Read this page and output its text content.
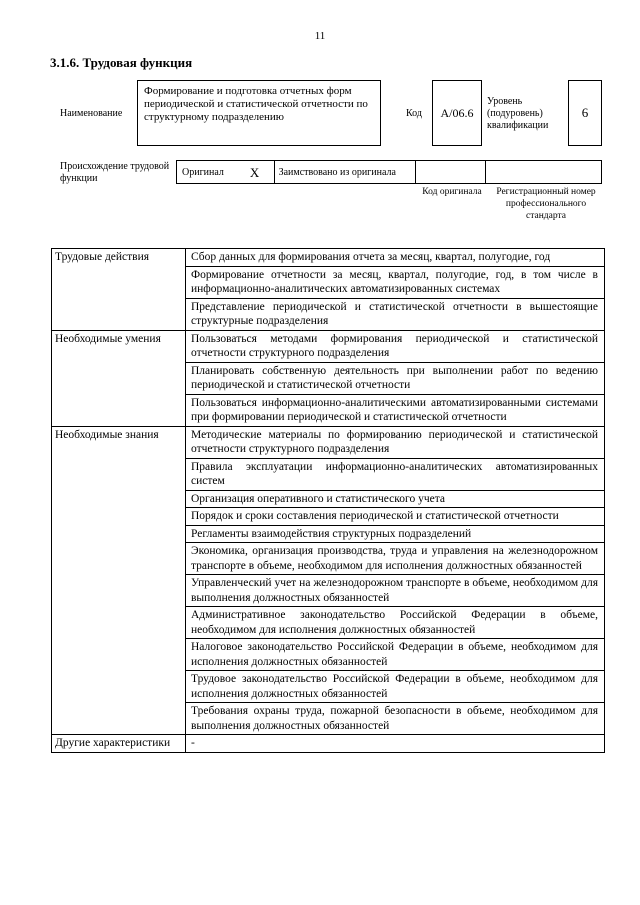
11
3.1.6. Трудовая функция
Наименование
Формирование и подготовка отчетных форм периодической и статистической отчетности по структурному подразделению	Код A/06.6
Уровень (подуровень) квалификации
6
Происхождение трудовой функции
Оригинал X Заимствовано из оригинала
Код оригинала	Регистрационный номер профессионального стандарта
Трудовые действия	Сбор данных для формирования отчета за месяц, квартал, полугодие, год
	Формирование отчетности за месяц, квартал, полугодие, год, в том числе в информационно-аналитических автоматизированных системах
	Представление периодической и статистической отчетности в вышестоящие структурные подразделения
Необходимые умения	Пользоваться методами формирования периодической и статистической отчетности структурного подразделения
	Планировать собственную деятельность при выполнении работ по ведению периодической и статистической отчетности
	Пользоваться информационно-аналитическими автоматизированными системами при формировании периодической и статистической отчетности
Необходимые знания	Методические материалы по формированию периодической и статистической отчетности структурного подразделения
	Правила эксплуатации информационно-аналитических автоматизированных систем
	Организация оперативного и статистического учета
	Порядок и сроки составления периодической и статистической отчетности
	Регламенты взаимодействия структурных подразделений
	Экономика, организация производства, труда и управления на железнодорожном транспорте в объеме, необходимом для исполнения должностных обязанностей
	Управленческий учет на железнодорожном транспорте в объеме, необходимом для выполнения должностных обязанностей
	Административное законодательство Российской Федерации в объеме, необходимом для исполнения должностных обязанностей
	Налоговое законодательство Российской Федерации в объеме, необходимом для исполнения должностных обязанностей
	Трудовое законодательство Российской Федерации в объеме, необходимом для исполнения должностных обязанностей
	Требования охраны труда, пожарной безопасности в объеме, необходимом для выполнения должностных обязанностей
Другие характеристики	-
